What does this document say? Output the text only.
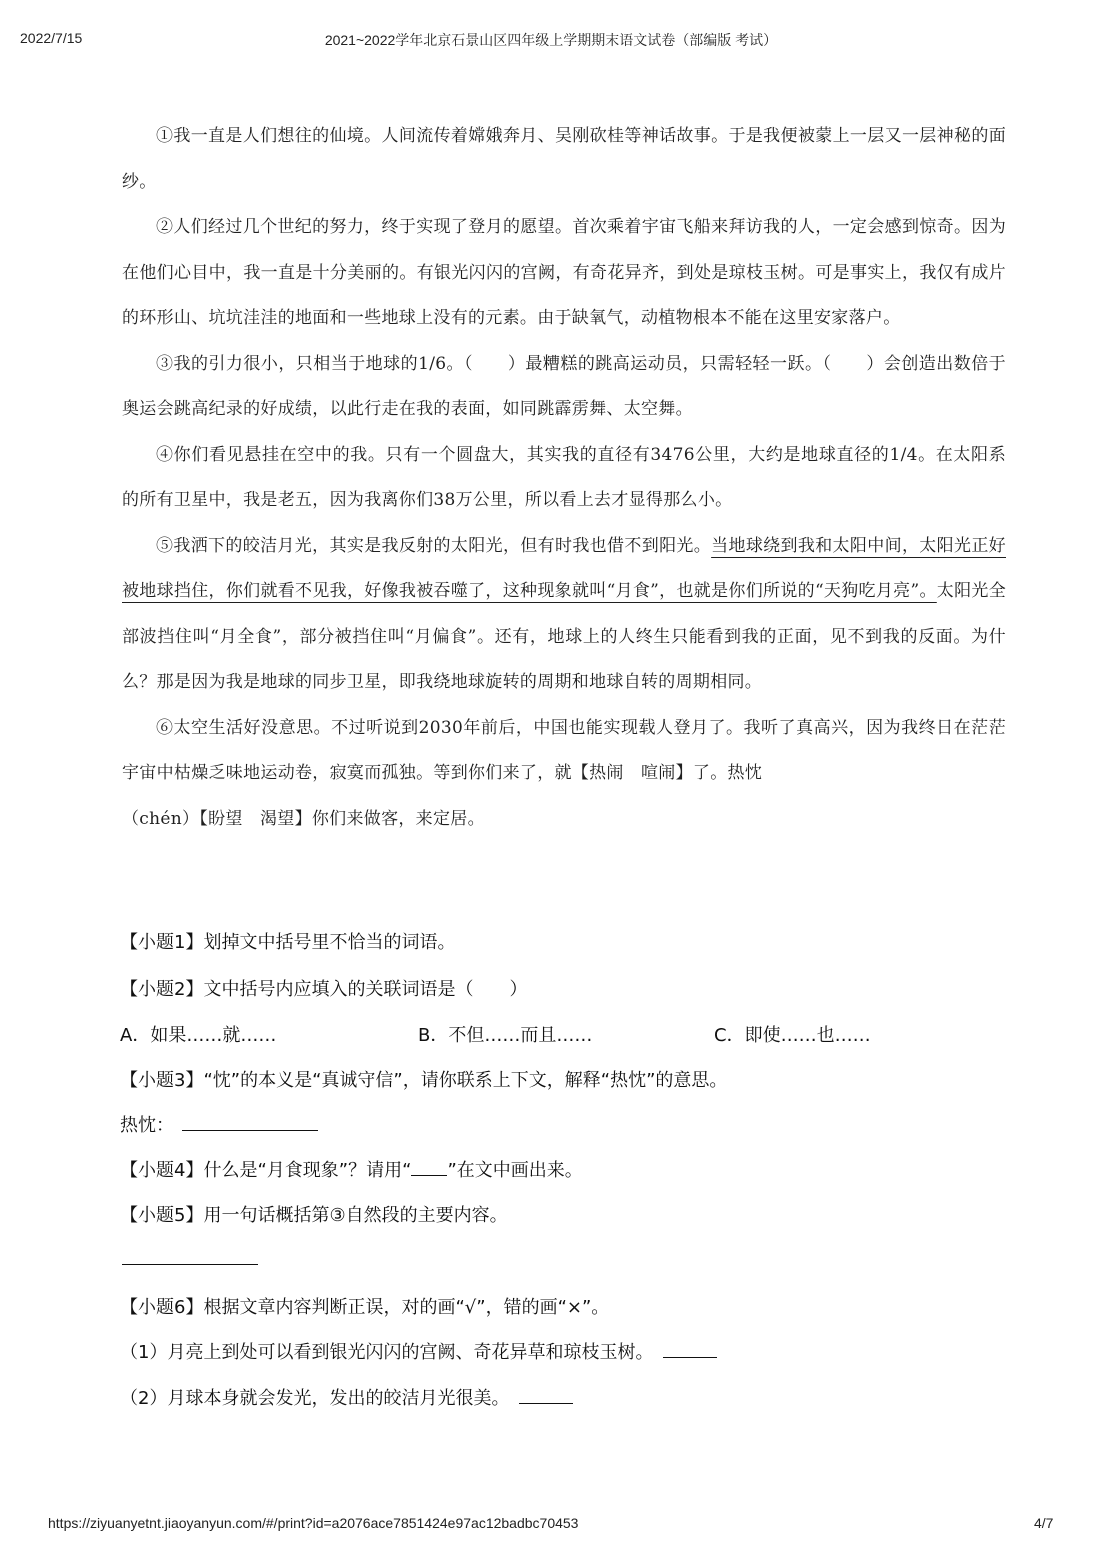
2022/7/15	2021~2022学年北京石景山区四年级上学期期末语文试卷（部编版 考试）

①我一直是人们想往的仙境。人间流传着嫦娥奔月、吴刚砍桂等神话故事。于是我便被蒙上一层又一层神秘的面纱。

②人们经过几个世纪的努力，终于实现了登月的愿望。首次乘着宇宙飞船来拜访我的人，一定会感到惊奇。因为在他们心目中，我一直是十分美丽的。有银光闪闪的宫阙，有奇花异齐，到处是琼枝玉树。可是事实上，我仅有成片的环形山、坑坑洼洼的地面和一些地球上没有的元素。由于缺氧气，动植物根本不能在这里安家落户。

③我的引力很小，只相当于地球的1/6。（　　）最糟糕的跳高运动员，只需轻轻一跃。（　　）会创造出数倍于奥运会跳高纪录的好成绩，以此行走在我的表面，如同跳霹雳舞、太空舞。

④你们看见悬挂在空中的我。只有一个圆盘大，其实我的直径有3476公里，大约是地球直径的1/4。在太阳系的所有卫星中，我是老五，因为我离你们38万公里，所以看上去才显得那么小。

⑤我洒下的皎洁月光，其实是我反射的太阳光，但有时我也借不到阳光。当地球绕到我和太阳中间，太阳光正好被地球挡住，你们就看不见我，好像我被吞噬了，这种现象就叫“月食”，也就是你们所说的“天狗吃月亮”。太阳光全部波挡住叫“月全食”，部分被挡住叫“月偏食”。还有，地球上的人终生只能看到我的正面，见不到我的反面。为什么？那是因为我是地球的同步卫星，即我绕地球旋转的周期和地球自转的周期相同。

⑥太空生活好没意思。不过听说到2030年前后，中国也能实现载人登月了。我听了真高兴，因为我终日在茫茫宇宙中枯燥乏味地运动卷，寂寞而孤独。等到你们来了，就【热闹　喧闹】了。热忱

（chén）【盼望　渴望】你们来做客，来定居。

【小题1】划掉文中括号里不恰当的词语。
【小题2】文中括号内应填入的关联词语是（　　）
A．如果……就……	B．不但……而且……	C．即使……也……
【小题3】“忱”的本义是“真诚守信”，请你联系上下文，解释“热忱”的意思。
热忱：
【小题4】什么是“月食现象”？请用“ ”在文中画出来。
【小题5】用一句话概括第③自然段的主要内容。
【小题6】根据文章内容判断正误，对的画“√”，错的画“×”。
（1）月亮上到处可以看到银光闪闪的宫阙、奇花异草和琼枝玉树。
（2）月球本身就会发光，发出的皎洁月光很美。
https://ziyuanyetnt.jiaoyanyun.com/#/print?id=a2076ace7851424e97ac12badbc70453	4/7
